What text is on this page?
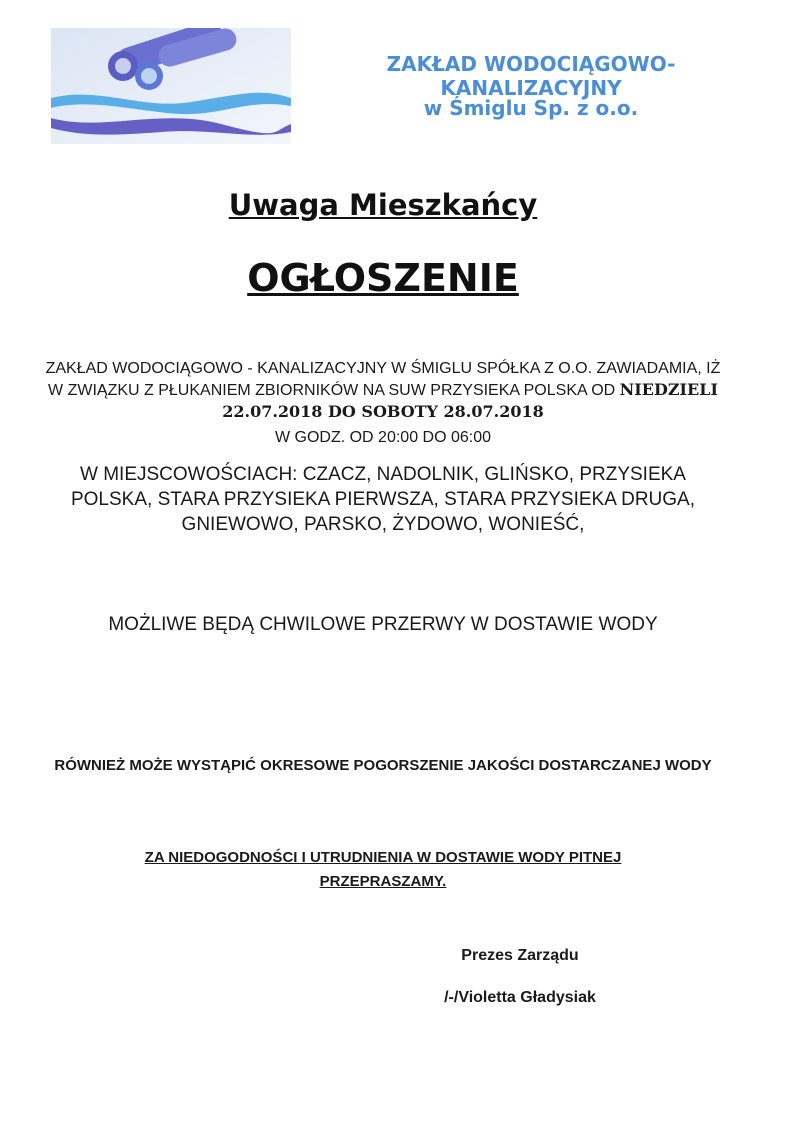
ZAKŁAD WODOCIĄGOWO-KANALIZACYJNY
w Śmiglu Sp. z o.o.
Uwaga Mieszkańcy
OGŁOSZENIE

ZAKŁAD WODOCIĄGOWO - KANALIZACYJNY W ŚMIGLU SPÓŁKA Z O.O. ZAWIADAMIA, IŻ W ZWIĄZKU Z PŁUKANIEM ZBIORNIKÓW NA SUW PRZYSIEKA POLSKA OD NIEDZIELI 22.07.2018 DO SOBOTY 28.07.2018

W GODZ. OD 20:00 DO 06:00

W MIEJSCOWOŚCIACH: CZACZ, NADOLNIK, GLIŃSKO, PRZYSIEKA POLSKA, STARA PRZYSIEKA PIERWSZA, STARA PRZYSIEKA DRUGA, GNIEWOWO, PARSKO, ŻYDOWO, WONIEŚĆ,

MOŻLIWE BĘDĄ CHWILOWE PRZERWY W DOSTAWIE WODY

RÓWNIEŻ MOŻE WYSTĄPIĆ OKRESOWE POGORSZENIE JAKOŚCI DOSTARCZANEJ WODY

ZA NIEDOGODNOŚCI I UTRUDNIENIA W DOSTAWIE WODY PITNEJ PRZEPRASZAMY.

Prezes Zarządu
/-/Violetta Gładysiak
